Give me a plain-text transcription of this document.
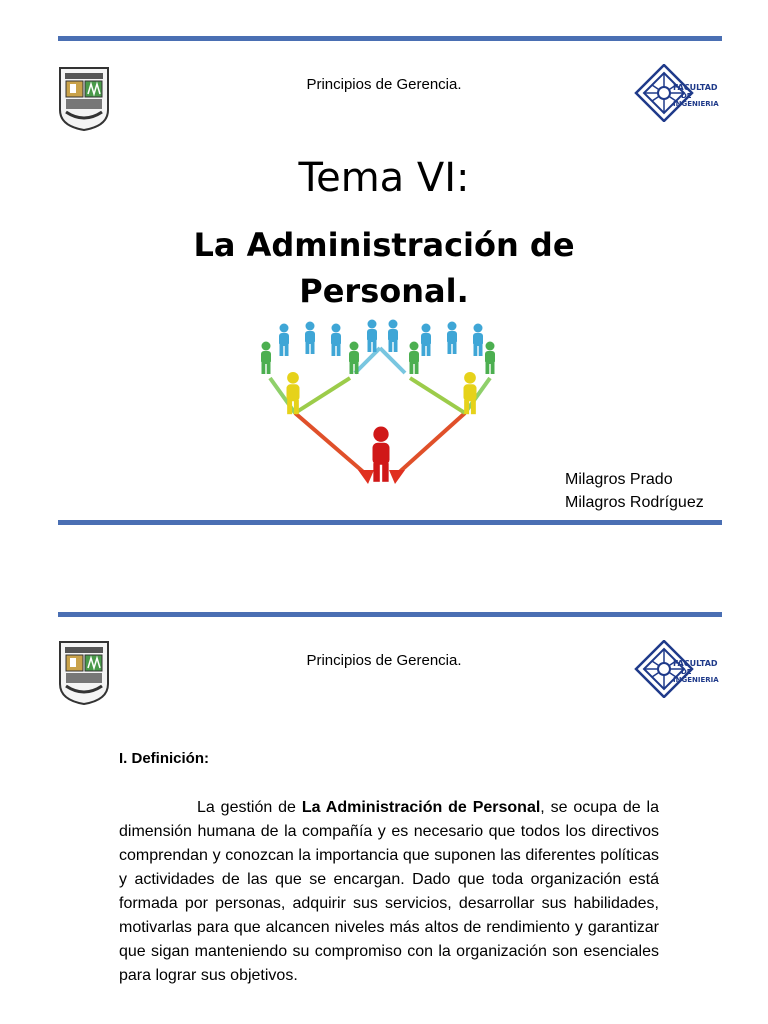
Principios de Gerencia.	FACULTAD
DE
INGENIERIA
Tema VI:
La Administración de
Personal.
Milagros Prado
Milagros Rodríguez
Principios de Gerencia.	FACULTAD
DE
INGENIERIA
I. Definición:
La gestión de La Administración de Personal, se ocupa de la dimensión humana de la compañía y es necesario que todos los directivos comprendan y conozcan la importancia que suponen las diferentes políticas y actividades de las que se encargan. Dado que toda organización está formada por personas, adquirir sus servicios, desarrollar sus habilidades, motivarlas para que alcancen niveles más altos de rendimiento y garantizar que sigan manteniendo su compromiso con la organización son esenciales para lograr sus objetivos.
